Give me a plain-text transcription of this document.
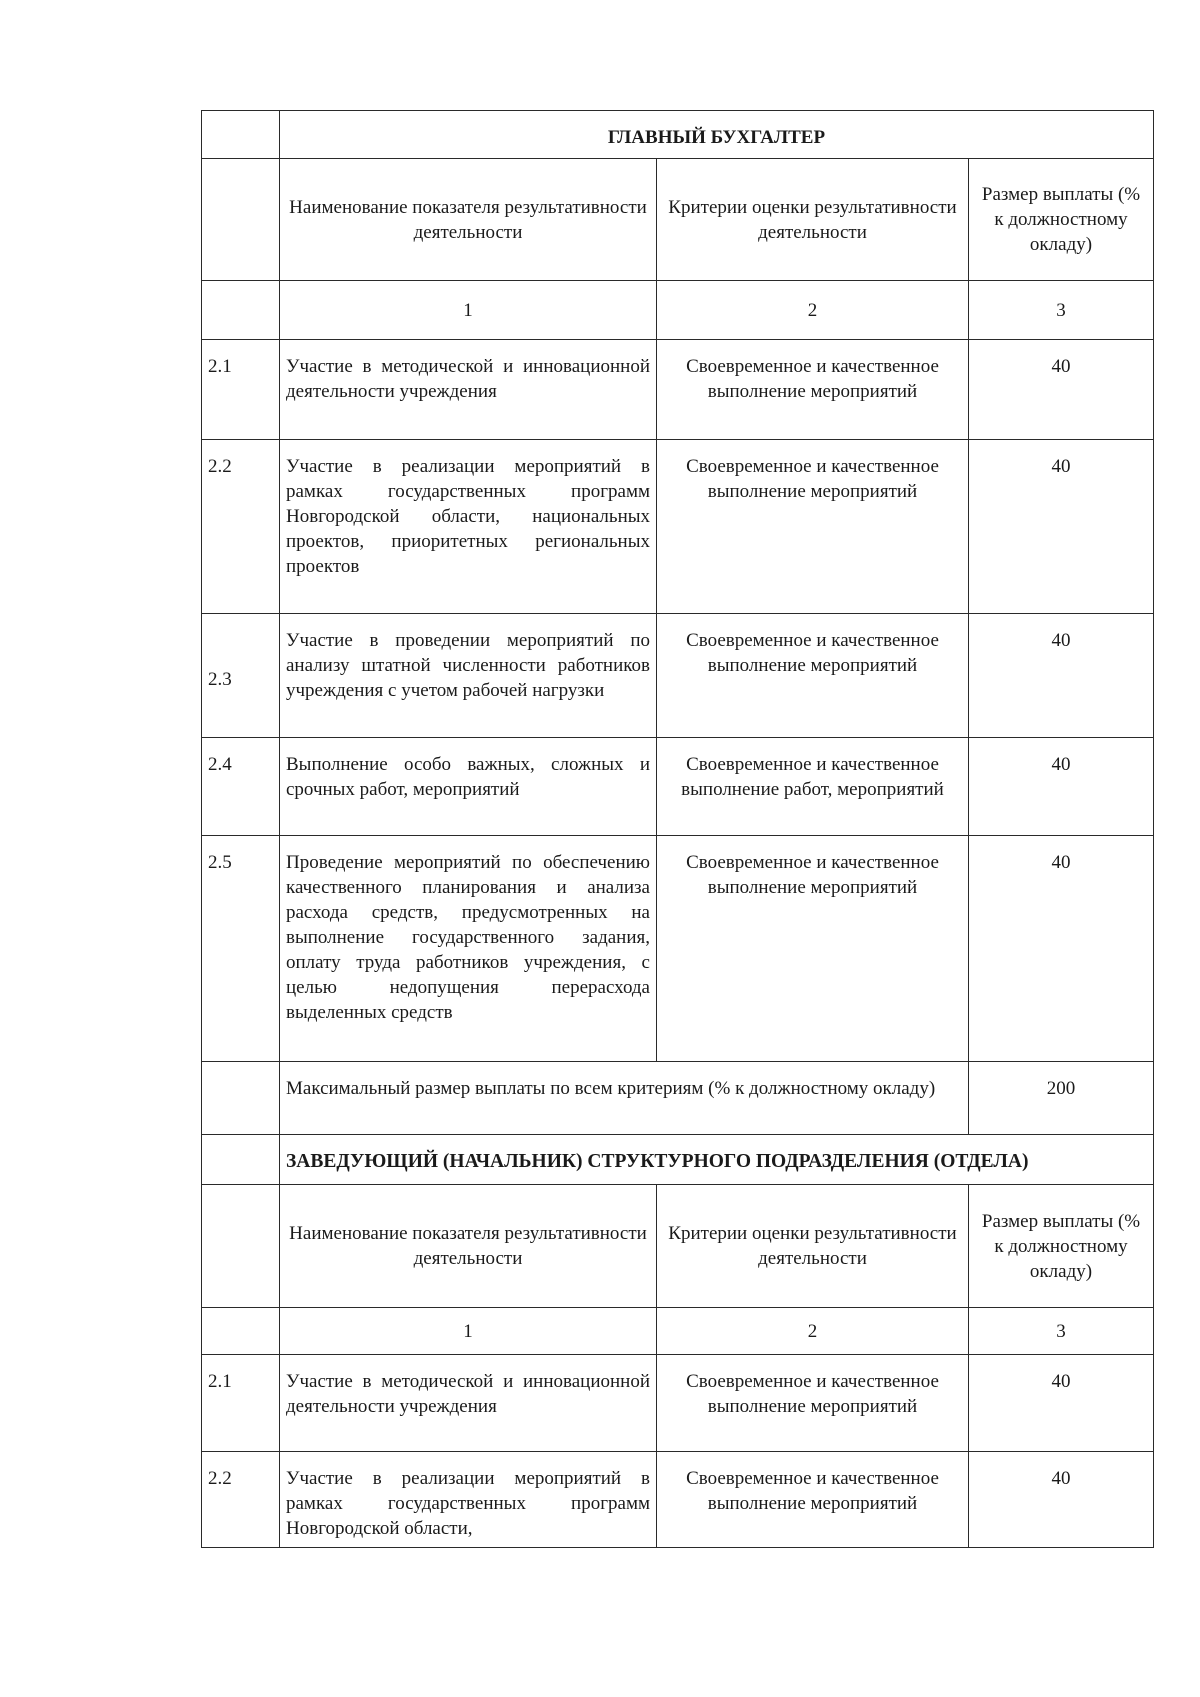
	ГЛАВНЫЙ БУХГАЛТЕР		
	Наименование показателя результативности деятельности	Критерии оценки результативности деятельности	Размер выплаты (% к должностному окладу)
	1	2	3
2.1	Участие в методической и инновационной деятельности учреждения	Своевременное и качественное выполнение мероприятий	40
2.2	Участие в реализации мероприятий в рамках государственных программ Новгородской области, национальных проектов, приоритетных региональных проектов	Своевременное и качественное выполнение мероприятий	40
2.3	Участие в проведении мероприятий по анализу штатной численности работников учреждения с учетом рабочей нагрузки	Своевременное и качественное выполнение мероприятий	40
2.4	Выполнение особо важных, сложных и срочных работ, мероприятий	Своевременное и качественное выполнение работ, мероприятий	40
2.5	Проведение мероприятий по обеспечению качественного планирования и анализа расхода средств, предусмотренных на выполнение государственного задания, оплату труда работников учреждения, с целью недопущения перерасхода выделенных средств	Своевременное и качественное выполнение мероприятий	40
	Максимальный размер выплаты по всем критериям (% к должностному окладу)		200
	ЗАВЕДУЮЩИЙ (НАЧАЛЬНИК) СТРУКТУРНОГО ПОДРАЗДЕЛЕНИЯ (ОТДЕЛА)		
	Наименование показателя результативности деятельности	Критерии оценки результативности деятельности	Размер выплаты (% к должностному окладу)
	1	2	3
2.1	Участие в методической и инновационной деятельности учреждения	Своевременное и качественное выполнение мероприятий	40
2.2	Участие в реализации мероприятий в рамках государственных программ Новгородской области,	Своевременное и качественное выполнение мероприятий	40
